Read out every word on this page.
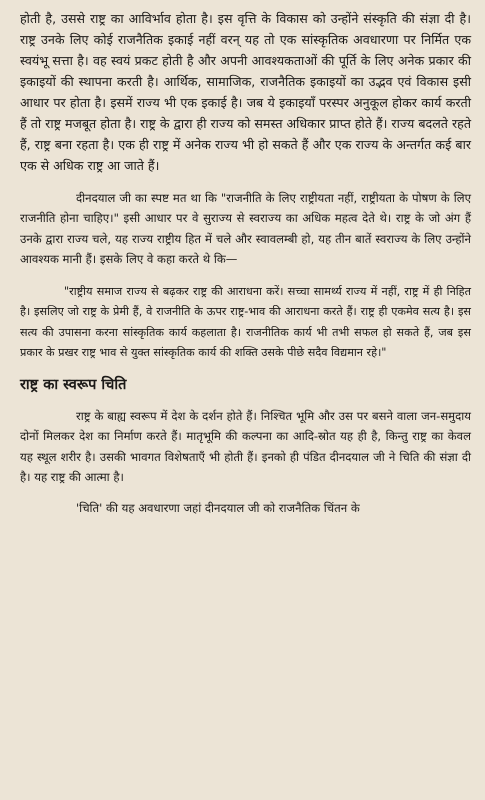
होती है, उससे राष्ट्र का आविर्भाव होता है। इस वृत्ति के विकास को उन्होंने संस्कृति की संज्ञा दी है। राष्ट्र उनके लिए कोई राजनैतिक इकाई नहीं वरन् यह तो एक सांस्कृतिक अवधारणा पर निर्मित एक स्वयंभू सत्ता है। वह स्वयं प्रकट होती है और अपनी आवश्यकताओं की पूर्ति के लिए अनेक प्रकार की इकाइयों की स्थापना करती है। आर्थिक, सामाजिक, राजनैतिक इकाइयों का उद्भव एवं विकास इसी आधार पर होता है। इसमें राज्य भी एक इकाई है। जब ये इकाइयाँ परस्पर अनुकूल होकर कार्य करती हैं तो राष्ट्र मजबूत होता है। राष्ट्र के द्वारा ही राज्य को समस्त अधिकार प्राप्त होते हैं। राज्य बदलते रहते हैं, राष्ट्र बना रहता है। एक ही राष्ट्र में अनेक राज्य भी हो सकते हैं और एक राज्य के अन्तर्गत कई बार एक से अधिक राष्ट्र आ जाते हैं।

दीनदयाल जी का स्पष्ट मत था कि "राजनीति के लिए राष्ट्रीयता नहीं, राष्ट्रीयता के पोषण के लिए राजनीति होना चाहिए।" इसी आधार पर वे सुराज्य से स्वराज्य का अधिक महत्व देते थे। राष्ट्र के जो अंग हैं उनके द्वारा राज्य चले, यह राज्य राष्ट्रीय हित में चले और स्वावलम्बी हो, यह तीन बातें स्वराज्य के लिए उन्होंने आवश्यक मानी हैं। इसके लिए वे कहा करते थे कि—

"राष्ट्रीय समाज राज्य से बढ़कर राष्ट्र की आराधना करें। सच्चा सामर्थ्य राज्य में नहीं, राष्ट्र में ही निहित है। इसलिए जो राष्ट्र के प्रेमी हैं, वे राजनीति के ऊपर राष्ट्र-भाव की आराधना करते हैं। राष्ट्र ही एकमेव सत्य है। इस सत्य की उपासना करना सांस्कृतिक कार्य कहलाता है। राजनीतिक कार्य भी तभी सफल हो सकते हैं, जब इस प्रकार के प्रखर राष्ट्र भाव से युक्त सांस्कृतिक कार्य की शक्ति उसके पीछे सदैव विद्यमान रहे।"

राष्ट्र का स्वरूप चिति

राष्ट्र के बाह्य स्वरूप में देश के दर्शन होते हैं। निश्चित भूमि और उस पर बसने वाला जन-समुदाय दोनों मिलकर देश का निर्माण करते हैं। मातृभूमि की कल्पना का आदि-स्रोत यह ही है, किन्तु राष्ट्र का केवल यह स्थूल शरीर है। उसकी भावगत विशेषताएँ भी होती हैं। इनको ही पंडित दीनदयाल जी ने चिति की संज्ञा दी है। यह राष्ट्र की आत्मा है।

'चिति' की यह अवधारणा जहां दीनदयाल जी को राजनैतिक चिंतन के
